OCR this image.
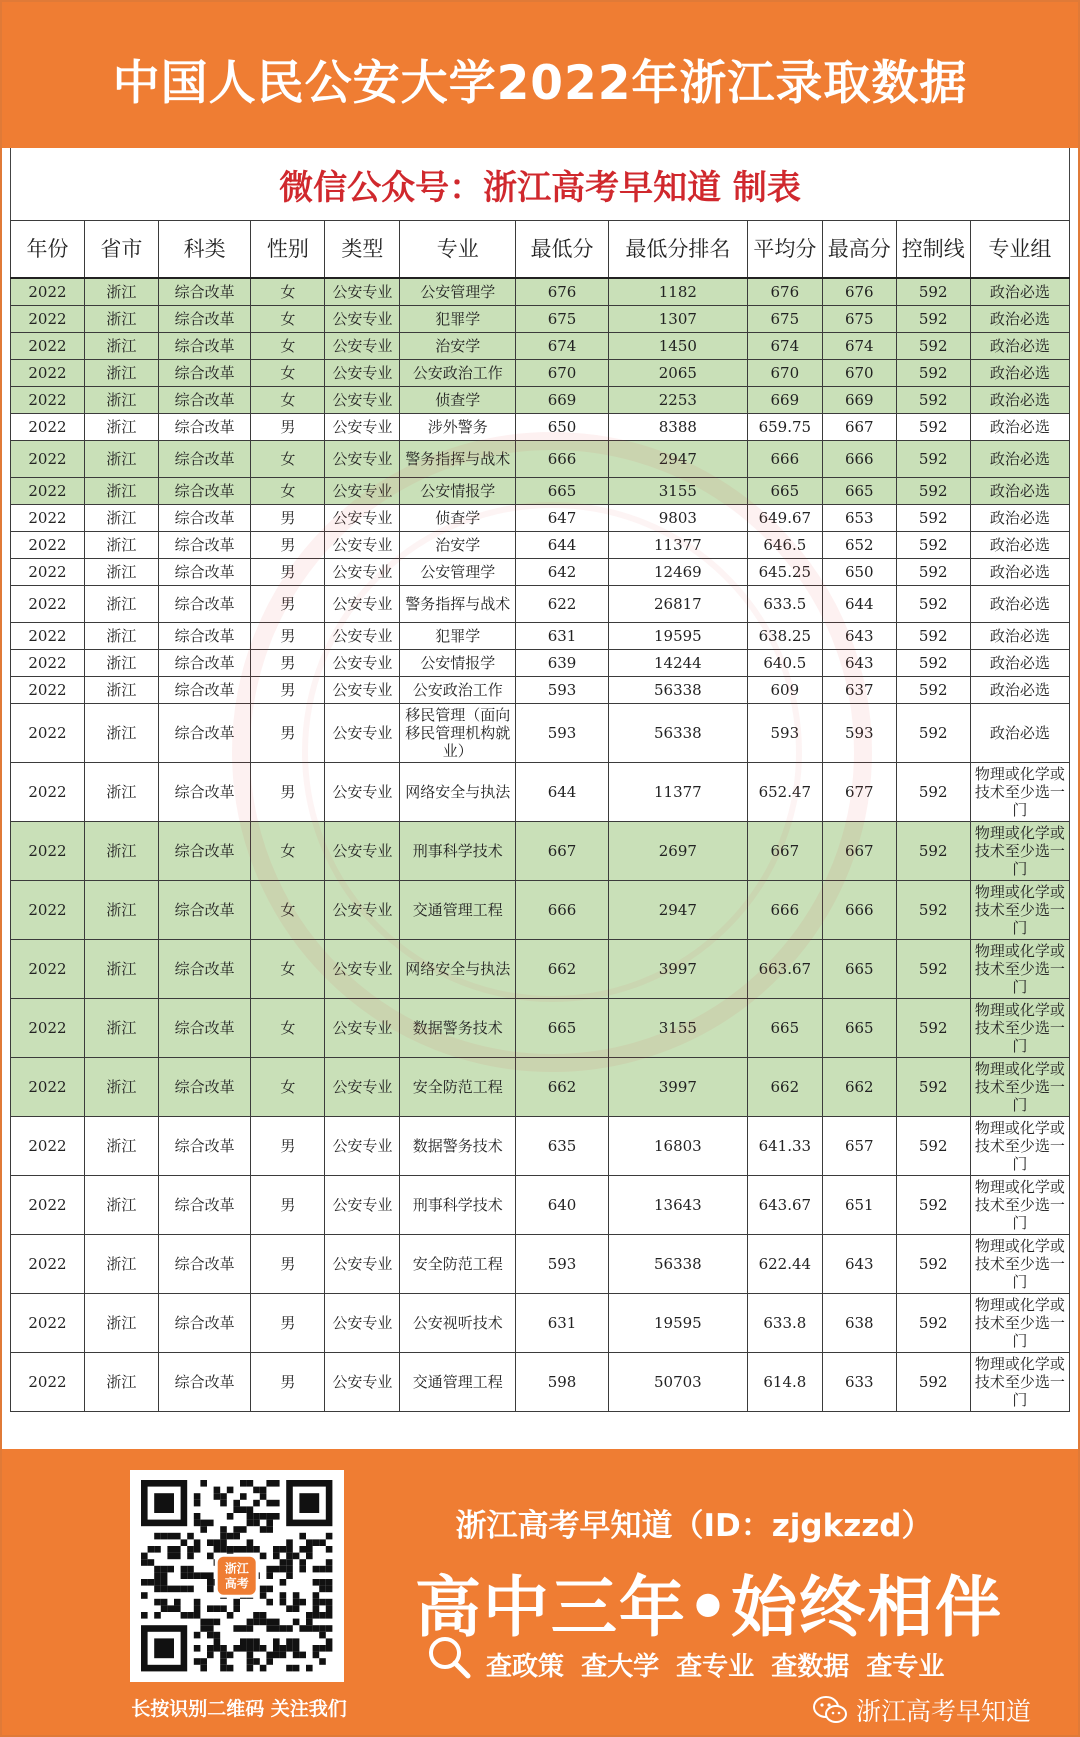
中国人民公安大学2022年浙江录取数据
微信公众号：浙江高考早知道 制表
年份	省市	科类	性别	类型	专业	最低分	最低分排名	平均分	最高分	控制线	专业组
2022	浙江	综合改革	女	公安专业	公安管理学	676	1182	676	676	592	政治必选
2022	浙江	综合改革	女	公安专业	犯罪学	675	1307	675	675	592	政治必选
2022	浙江	综合改革	女	公安专业	治安学	674	1450	674	674	592	政治必选
2022	浙江	综合改革	女	公安专业	公安政治工作	670	2065	670	670	592	政治必选
2022	浙江	综合改革	女	公安专业	侦查学	669	2253	669	669	592	政治必选
2022	浙江	综合改革	男	公安专业	涉外警务	650	8388	659.75	667	592	政治必选
2022	浙江	综合改革	女	公安专业	警务指挥与战术	666	2947	666	666	592	政治必选
2022	浙江	综合改革	女	公安专业	公安情报学	665	3155	665	665	592	政治必选
2022	浙江	综合改革	男	公安专业	侦查学	647	9803	649.67	653	592	政治必选
2022	浙江	综合改革	男	公安专业	治安学	644	11377	646.5	652	592	政治必选
2022	浙江	综合改革	男	公安专业	公安管理学	642	12469	645.25	650	592	政治必选
2022	浙江	综合改革	男	公安专业	警务指挥与战术	622	26817	633.5	644	592	政治必选
2022	浙江	综合改革	男	公安专业	犯罪学	631	19595	638.25	643	592	政治必选
2022	浙江	综合改革	男	公安专业	公安情报学	639	14244	640.5	643	592	政治必选
2022	浙江	综合改革	男	公安专业	公安政治工作	593	56338	609	637	592	政治必选
2022	浙江	综合改革	男	公安专业	移民管理（面向移民管理机构就业）	593	56338	593	593	592	政治必选
2022	浙江	综合改革	男	公安专业	网络安全与执法	644	11377	652.47	677	592	物理或化学或技术至少选一门
2022	浙江	综合改革	女	公安专业	刑事科学技术	667	2697	667	667	592	物理或化学或技术至少选一门
2022	浙江	综合改革	女	公安专业	交通管理工程	666	2947	666	666	592	物理或化学或技术至少选一门
2022	浙江	综合改革	女	公安专业	网络安全与执法	662	3997	663.67	665	592	物理或化学或技术至少选一门
2022	浙江	综合改革	女	公安专业	数据警务技术	665	3155	665	665	592	物理或化学或技术至少选一门
2022	浙江	综合改革	女	公安专业	安全防范工程	662	3997	662	662	592	物理或化学或技术至少选一门
2022	浙江	综合改革	男	公安专业	数据警务技术	635	16803	641.33	657	592	物理或化学或技术至少选一门
2022	浙江	综合改革	男	公安专业	刑事科学技术	640	13643	643.67	651	592	物理或化学或技术至少选一门
2022	浙江	综合改革	男	公安专业	安全防范工程	593	56338	622.44	643	592	物理或化学或技术至少选一门
2022	浙江	综合改革	男	公安专业	公安视听技术	631	19595	633.8	638	592	物理或化学或技术至少选一门
2022	浙江	综合改革	男	公安专业	交通管理工程	598	50703	614.8	633	592	物理或化学或技术至少选一门
浙江
高考
长按识别二维码 关注我们
浙江高考早知道（ID：zjgkzzd）
高中三年•始终相伴
查政策 查大学 查专业 查数据 查专业
浙江高考早知道
